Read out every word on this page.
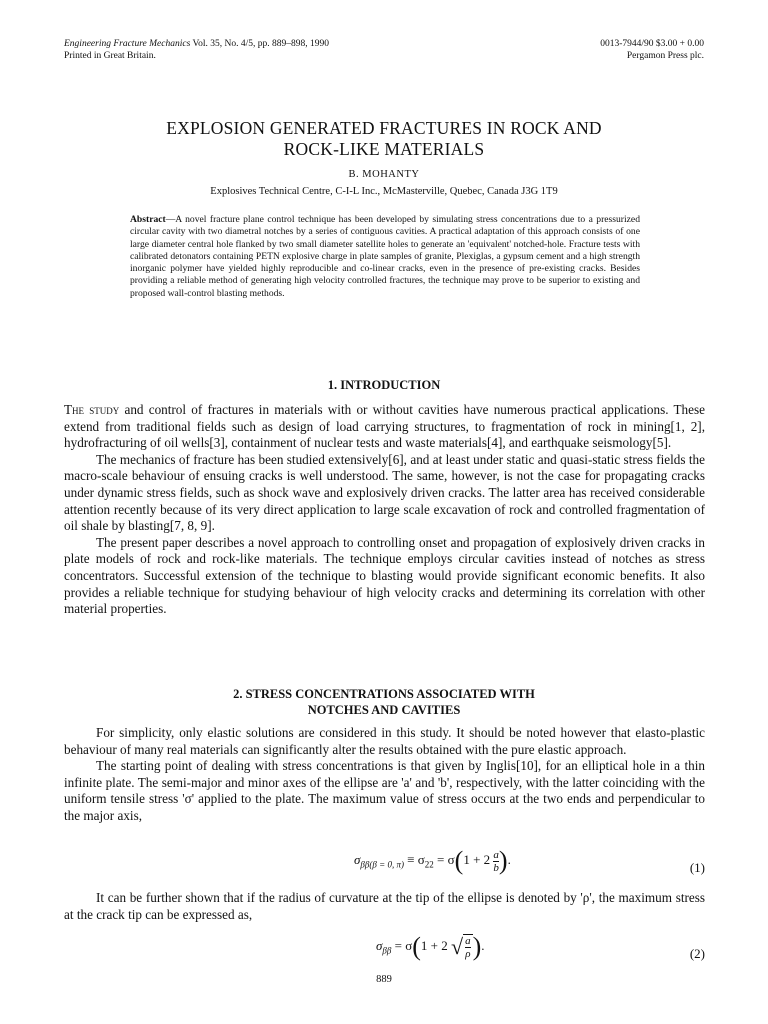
Engineering Fracture Mechanics Vol. 35, No. 4/5, pp. 889–898, 1990
Printed in Great Britain.
0013-7944/90 $3.00 + 0.00
Pergamon Press plc.
EXPLOSION GENERATED FRACTURES IN ROCK AND
ROCK-LIKE MATERIALS
B. MOHANTY
Explosives Technical Centre, C-I-L Inc., McMasterville, Quebec, Canada J3G 1T9
Abstract—A novel fracture plane control technique has been developed by simulating stress concentrations due to a pressurized circular cavity with two diametral notches by a series of contiguous cavities. A practical adaptation of this approach consists of one large diameter central hole flanked by two small diameter satellite holes to generate an 'equivalent' notched-hole. Fracture tests with calibrated detonators containing PETN explosive charge in plate samples of granite, Plexiglas, a gypsum cement and a high strength inorganic polymer have yielded highly reproducible and co-linear cracks, even in the presence of pre-existing cracks. Besides providing a reliable method of generating high velocity controlled fractures, the technique may prove to be superior to existing and proposed wall-control blasting methods.
1. INTRODUCTION

The study and control of fractures in materials with or without cavities have numerous practical applications. These extend from traditional fields such as design of load carrying structures, to fragmentation of rock in mining[1, 2], hydrofracturing of oil wells[3], containment of nuclear tests and waste materials[4], and earthquake seismology[5].

The mechanics of fracture has been studied extensively[6], and at least under static and quasi-static stress fields the macro-scale behaviour of ensuing cracks is well understood. The same, however, is not the case for propagating cracks under dynamic stress fields, such as shock wave and explosively driven cracks. The latter area has received considerable attention recently because of its very direct application to large scale excavation of rock and controlled fragmentation of oil shale by blasting[7, 8, 9].

The present paper describes a novel approach to controlling onset and propagation of explosively driven cracks in plate models of rock and rock-like materials. The technique employs circular cavities instead of notches as stress concentrators. Successful extension of the technique to blasting would provide significant economic benefits. It also provides a reliable technique for studying behaviour of high velocity cracks and determining its correlation with other material properties.

2. STRESS CONCENTRATIONS ASSOCIATED WITH
NOTCHES AND CAVITIES

For simplicity, only elastic solutions are considered in this study. It should be noted however that elasto-plastic behaviour of many real materials can significantly alter the results obtained with the pure elastic approach.

The starting point of dealing with stress concentrations is that given by Inglis[10], for an elliptical hole in a thin infinite plate. The semi-major and minor axes of the ellipse are 'a' and 'b', respectively, with the latter coinciding with the uniform tensile stress 'σ' applied to the plate. The maximum value of stress occurs at the two ends and perpendicular to the major axis,

$\sigma_{\beta\beta(\beta = 0, \pi)} \equiv \sigma_{22} = \sigma(1 + 2 \frac{a}{b}$ ).
(1)

It can be further shown that if the radius of curvature at the tip of the ellipse is denoted by 'ρ', the maximum stress at the crack tip can be expressed as,

$\sigma_{\beta\beta} = \sigma(1 + 2$ √ $\frac{a}{\rho}$ ).
(2)
889
